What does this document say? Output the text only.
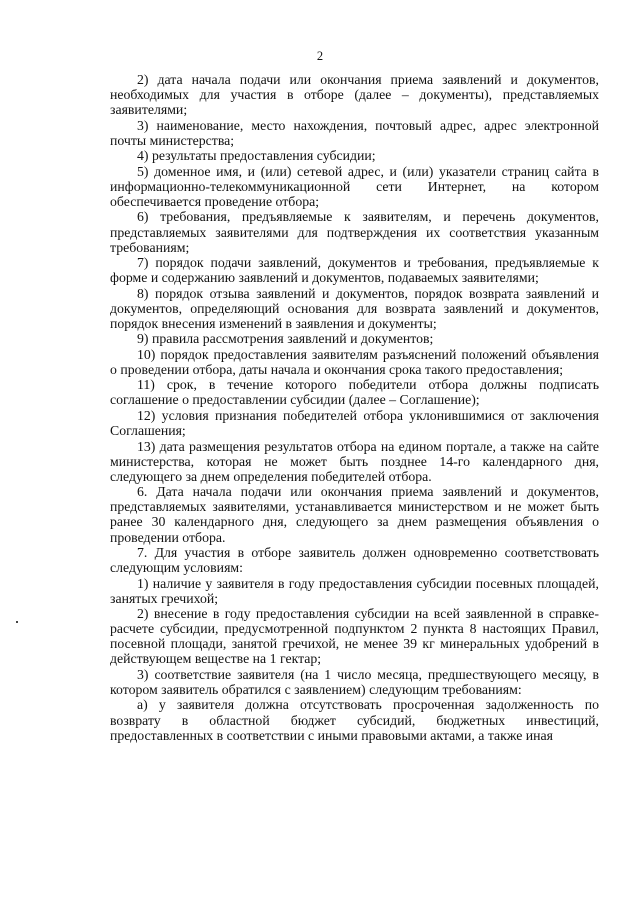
2

2) дата начала подачи или окончания приема заявлений и документов, необходимых для участия в отборе (далее – документы), представляемых заявителями;

3) наименование, место нахождения, почтовый адрес, адрес электронной почты министерства;

4) результаты предоставления субсидии;

5) доменное имя, и (или) сетевой адрес, и (или) указатели страниц сайта в информационно-телекоммуникационной сети Интернет, на котором обеспечивается проведение отбора;

6) требования, предъявляемые к заявителям, и перечень документов, представляемых заявителями для подтверждения их соответствия указанным требованиям;

7) порядок подачи заявлений, документов и требования, предъявляемые к форме и содержанию заявлений и документов, подаваемых заявителями;

8) порядок отзыва заявлений и документов, порядок возврата заявлений и документов, определяющий основания для возврата заявлений и документов, порядок внесения изменений в заявления и документы;

9) правила рассмотрения заявлений и документов;

10) порядок предоставления заявителям разъяснений положений объявления о проведении отбора, даты начала и окончания срока такого предоставления;

11) срок, в течение которого победители отбора должны подписать соглашение о предоставлении субсидии (далее – Соглашение);

12) условия признания победителей отбора уклонившимися от заключения Соглашения;

13) дата размещения результатов отбора на едином портале, а также на сайте министерства, которая не может быть позднее 14-го календарного дня, следующего за днем определения победителей отбора.

6. Дата начала подачи или окончания приема заявлений и документов, представляемых заявителями, устанавливается министерством и не может быть ранее 30 календарного дня, следующего за днем размещения объявления о проведении отбора.

7. Для участия в отборе заявитель должен одновременно соответствовать следующим условиям:

1) наличие у заявителя в году предоставления субсидии посевных площадей, занятых гречихой;

2) внесение в году предоставления субсидии на всей заявленной в справке-расчете субсидии, предусмотренной подпунктом 2 пункта 8 настоящих Правил, посевной площади, занятой гречихой, не менее 39 кг минеральных удобрений в действующем веществе на 1 гектар;

3) соответствие заявителя (на 1 число месяца, предшествующего месяцу, в котором заявитель обратился с заявлением) следующим требованиям:

а) у заявителя должна отсутствовать просроченная задолженность по возврату в областной бюджет субсидий, бюджетных инвестиций, предоставленных в соответствии с иными правовыми актами, а также иная
